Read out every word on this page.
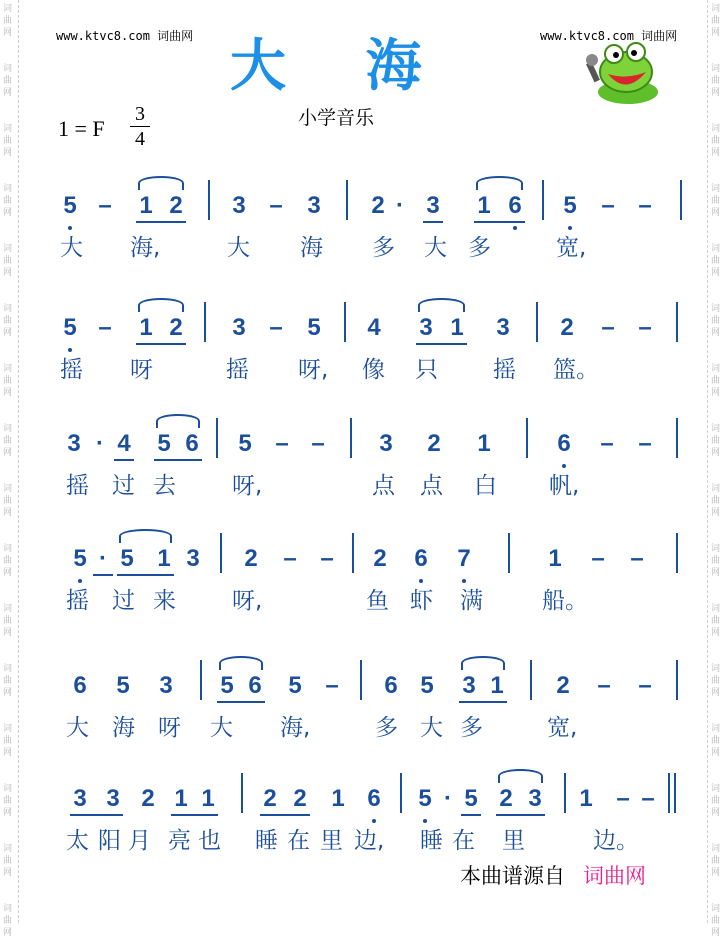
词
曲
网
词
曲
网
词
曲
网
词
曲
网
词
曲
网
词
曲
网
词
曲
网
词
曲
网
词
曲
网
词
曲
网
词
曲
网
词
曲
网
词
曲
网
词
曲
网
词
曲
网
词
曲
网
词
曲
网
词
曲
网
词
曲
网
词
曲
网
词
曲
网
词
曲
网
词
曲
网
词
曲
网
词
曲
网
词
曲
网
词
曲
网
词
曲
网
词
曲
网
词
曲
网
词
曲
网
词
曲
网
www.ktvc8.com 词曲网	www.ktvc8.com 词曲网
大 海
1 = F
3
4
小学音乐
5 – 1 2 3 – 3 2 · 3 1 6 5 – –
大 海,	大 海 多 大 多	宽,
5 – 1 2 3 – 5 4 3 1 3 2 – –
摇 呀	摇 呀, 像 只 摇 篮。
3 · 4 5 6 5 – – 3 2 1	6 – –
摇 过 去 呀,	点 点 白 帆,
5 · 5 1 3 2 – – 2 6 7	1 – –
摇 过 来 呀,	鱼 虾 满	船。
6 5 3 5 6 5 – 6 5 3 1 2 – –
大 海 呀 大 海,	多 大 多	宽,
3 3 2 1 1 2 2 1 6 5 · 5 2 3 1 – –
太 阳 月 亮 也 睡 在 里 边, 睡 在 里	边。
本曲谱源自 词曲网
